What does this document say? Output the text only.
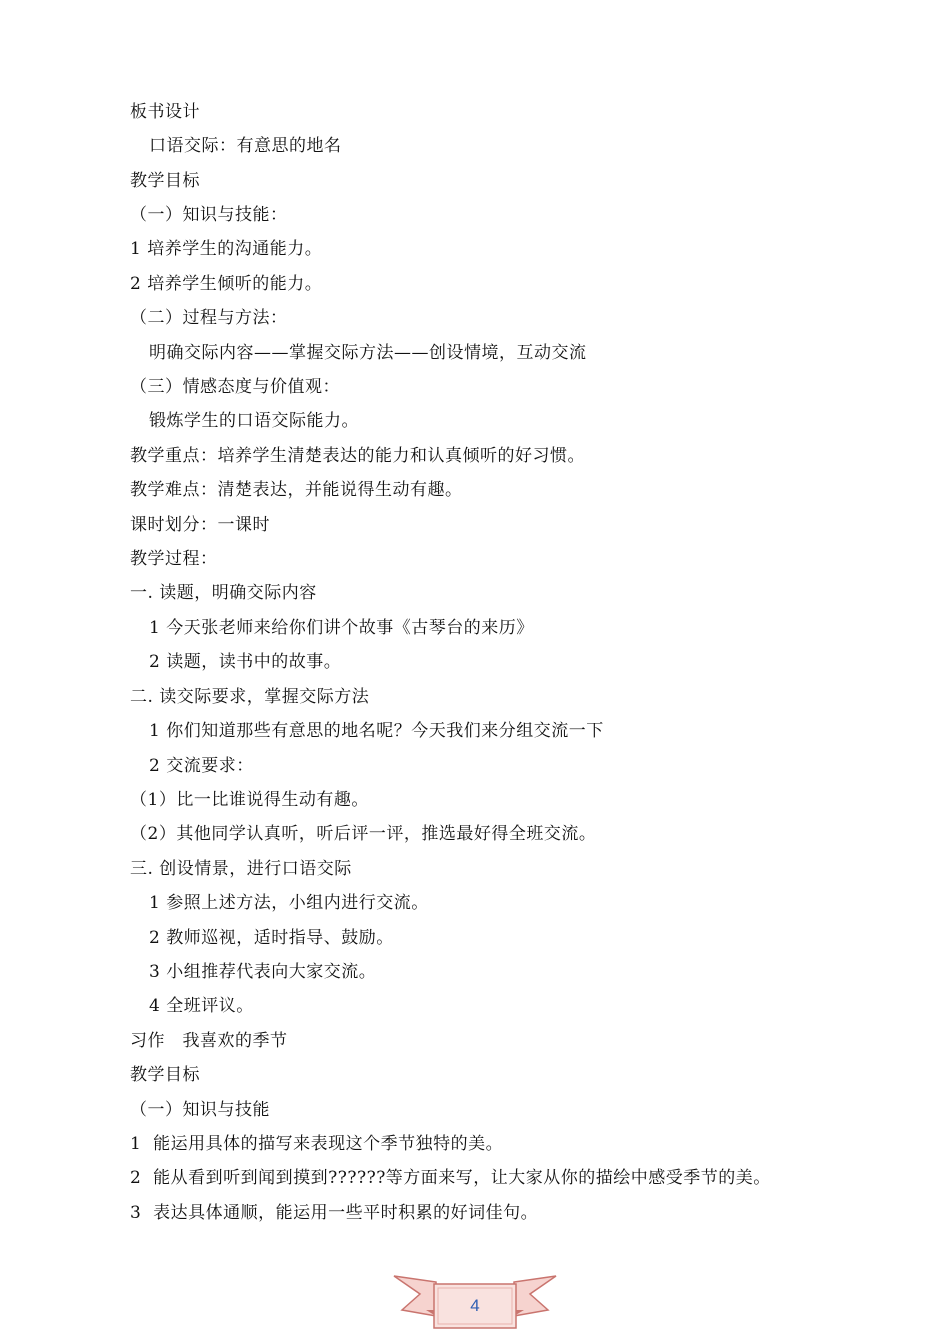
板书设计
口语交际：有意思的地名
教学目标
（一）知识与技能：
1 培养学生的沟通能力。
2 培养学生倾听的能力。
（二）过程与方法：
明确交际内容——掌握交际方法——创设情境，互动交流
（三）情感态度与价值观：
锻炼学生的口语交际能力。
教学重点：培养学生清楚表达的能力和认真倾听的好习惯。
教学难点：清楚表达，并能说得生动有趣。
课时划分：一课时
教学过程：
一. 读题，明确交际内容
1 今天张老师来给你们讲个故事《古琴台的来历》
2 读题，读书中的故事。
二. 读交际要求，掌握交际方法
1 你们知道那些有意思的地名呢？今天我们来分组交流一下
2 交流要求：
（1）比一比谁说得生动有趣。
（2）其他同学认真听，听后评一评，推选最好得全班交流。
三. 创设情景，进行口语交际
1 参照上述方法，小组内进行交流。
2 教师巡视，适时指导、鼓励。
3 小组推荐代表向大家交流。
4 全班评议。
习作　我喜欢的季节
教学目标
（一）知识与技能
1  能运用具体的描写来表现这个季节独特的美。
2  能从看到听到闻到摸到??????等方面来写，让大家从你的描绘中感受季节的美。
3  表达具体通顺，能运用一些平时积累的好词佳句。
4
